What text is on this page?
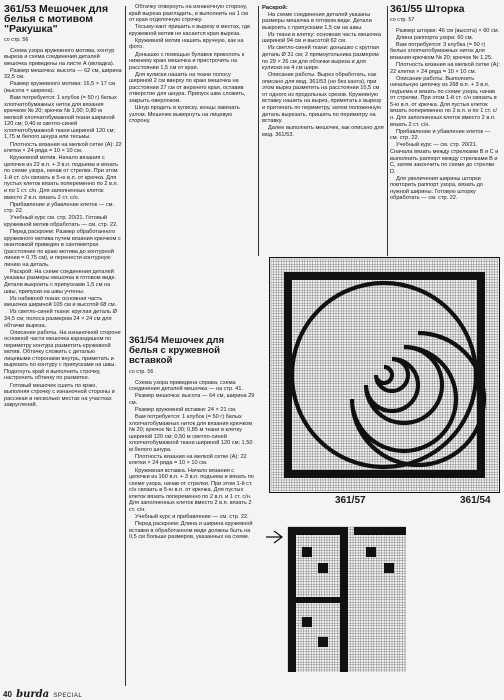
361/53 Мешочек для белья с мотивом "Ракушка"
со стр. 56

Схема узора кружевного мотива, контур выреза и схема соединения деталей мешочка приведены на листе А (вкладка).

Размер мешочка: высота — 62 см, ширина 32,5 см.

Размер кружевного мотива: 16,5 × 17 см (высота × ширина).

Вам потребуется: 1 клубок (= 50 г) белых хлопчатобумажных ниток для вязания крючком № 20; крючок № 1,00; 0,80 м мелкой хлопчатобумажной ткани шириной 120 см; 0,40 м светло-синей хлопчатобумажной ткани шириной 120 см; 1,75 м белого шнура или тесьмы.

Плотность вязания на мелкой сетке (А): 22 клетки × 24 ряда = 10 × 10 см.

Кружевной мотив. Начало вязания с цепочки из 22 в.п. + 3 в.п. подъема и вязать по схеме узора, начав от стрелки. При этом 1-й ст. с/н связать в 5-ю в.п. от крючка. Для пустых клеток вязать попеременно по 2 в.п. и по 1 ст. с/н. Для заполненных клеток вместо 2 в.п. вязать 2 ст. с/н.

Прибавление и убавление клеток — см. стр. 22.

Учебный курс см. стр. 20/21. Готовый кружевной мотив обработать — см. стр. 22.

Перед раскроем: Размер обработанного кружевного мотива путем вязания крючком с окантовкой приведен в сантиметрах (расстояние по краю мотива до контурной линии = 0,75 см), и перенести контурную линию на деталь.

Раскрой: На схеме соединения деталей указаны размеры мешочка в готовом виде. Детали выкроить с припусками 1,5 см на швы, припуски на швы учтены.

Из набивной ткани: основная часть мешочка шириной 105 см и высотой 68 см.

Из светло-синей ткани: круглая деталь Ø 34,5 см; полоса размером 24 × 24 см для обтачки выреза.

Описание работы. На изнаночной стороне основной части мешочка карандашом по периметру контура разметить кружевной мотив. Обтачку сложить с деталью лицевыми сторонами внутрь, приметать и вырезать по контуру с припусками на швы. Подогнуть край и выполнить строчку, настрочить обтачку по разметке.

Готовый мешочек сшить по краю, выполняя строчку с изнаночной стороны и рассекая в несколько местах на участках закруглений.

Обтачку отвернуть на изнаночную сторону, край выреза разгладить, и выполнить на 1 см от края отделочную строчку.

Тесьму-кант пришить к вырезу в местах, где кружевной мотив не касается края выреза.

Кружевной мотив нашить вручную, как на фото.

Донышко с помощью булавок приколоть к нижнему краю мешочка и пристрочить на расстоянии 1,5 см от края.

Для кулиски нашить на ткани полосу шириной 2 см вверху по краю мешочка на расстоянии 27 см от верхнего края, оставив отверстие для шнура. Припуск шва сложить, закрыть оверлоком.

Шнур продеть в кулиску, концы завязать узлом. Мешочек вывернуть на лицевую сторону.

361/54 Мешочек для белья с кружевной вставкой
со стр. 56

Схема узора приведена справа, схема соединения деталей мешочка — на стр. 41.

Размер мешочка: высота — 64 см, ширина 29 см.

Размер кружевной вставки: 24 × 21 см.

Вам потребуется: 1 клубок (= 50 г) белых хлопчатобумажных ниток для вязания крючком № 20; крючок № 1,00; 0,85 м ткани в клетку шириной 120 см; 0,50 м светло-синей хлопчатобумажной ткани шириной 120 см; 1,50 м белого шнура.

Плотность вязания на мелкой сетке (А): 22 клетки × 24 ряда = 10 × 10 см.

Кружевная вставка. Начало вязания с цепочки из 160 в.п. + 3 в.п. подъема и вязать по схеме узора, начав от стрелки. При этом 1-й ст. с/н связать в 5-ю в.п. от крючка. Для пустых клеток вязать попеременно по 2 в.п. и 1 ст. с/н. Для заполненных клеток вместо 2 в.п. вязать 2 ст. с/н.

Учебный курс и прибавление — см. стр. 22.

Перед раскроем: Длина и ширина кружевной вставки в обработанном виде должны быть на 0,5 см больше размеров, указанных на схеме.

Раскрой:

На схеме соединения деталей указаны размеры мешочка в готовом виде. Детали выкроить с припусками 1,5 см на швы.

Из ткани в клетку: основная часть мешочка шириной 94 см и высотой 62 см.

Из светло-синей ткани: донышко с круглая деталь Ø 31 см; 2 прямоугольника размером по 29 × 26 см для обтачки выреза и для кулиски на 4 см шире.

Описание работы. Вырез обработать, как описано для мод. 361/53 (но без канта), при этом вырез разметить на расстоянии 10,5 см от одного из продольных срезов. Кружевную вставку нашить на вырез, приметать к вырезу и притачать по периметру, затем положенную деталь вырезать, пришить по периметру на вставку.

Далее выполнить мешочек, как описано для мод. 361/53.

361/55 Шторка
со стр. 57

Размер шторки: 46 см (высота) × 60 см.

Длина раппорта узора: 60 см.

Вам потребуется: 3 клубка (= 50 г) белых хлопчатобумажных ниток для вязания крючком № 20; крючок № 1,25.

Плотность вязания на мелкой сетке (А): 22 клетки × 24 ряда = 10 × 10 см.

Описание работы. Выполнить начальную цепочку из 268 в.п. + 3 в.п. подъема и вязать по схеме узора, начав от стрелки. При этом 1-й ст. с/н связать в 5-ю в.п. от крючка. Для пустых клеток вязать попеременно по 2 в.п. и по 1 ст. с/н. Для заполненных клеток вместо 2 в.п. вязать 2 ст. с/н.

Прибавление и убавление клеток — см. стр. 22.

Учебный курс — см. стр. 20/21. Сначала вязать между стрелками В и С и выполнить раппорт между стрелками В и С, затем закончить по схеме до стрелки D.

Для увеличения ширины шторки повторить раппорт узора, вязать до нужной ширины. Готовую шторку обработать — см. стр. 22.

361/54
361/57
40 burda SPECIAL
